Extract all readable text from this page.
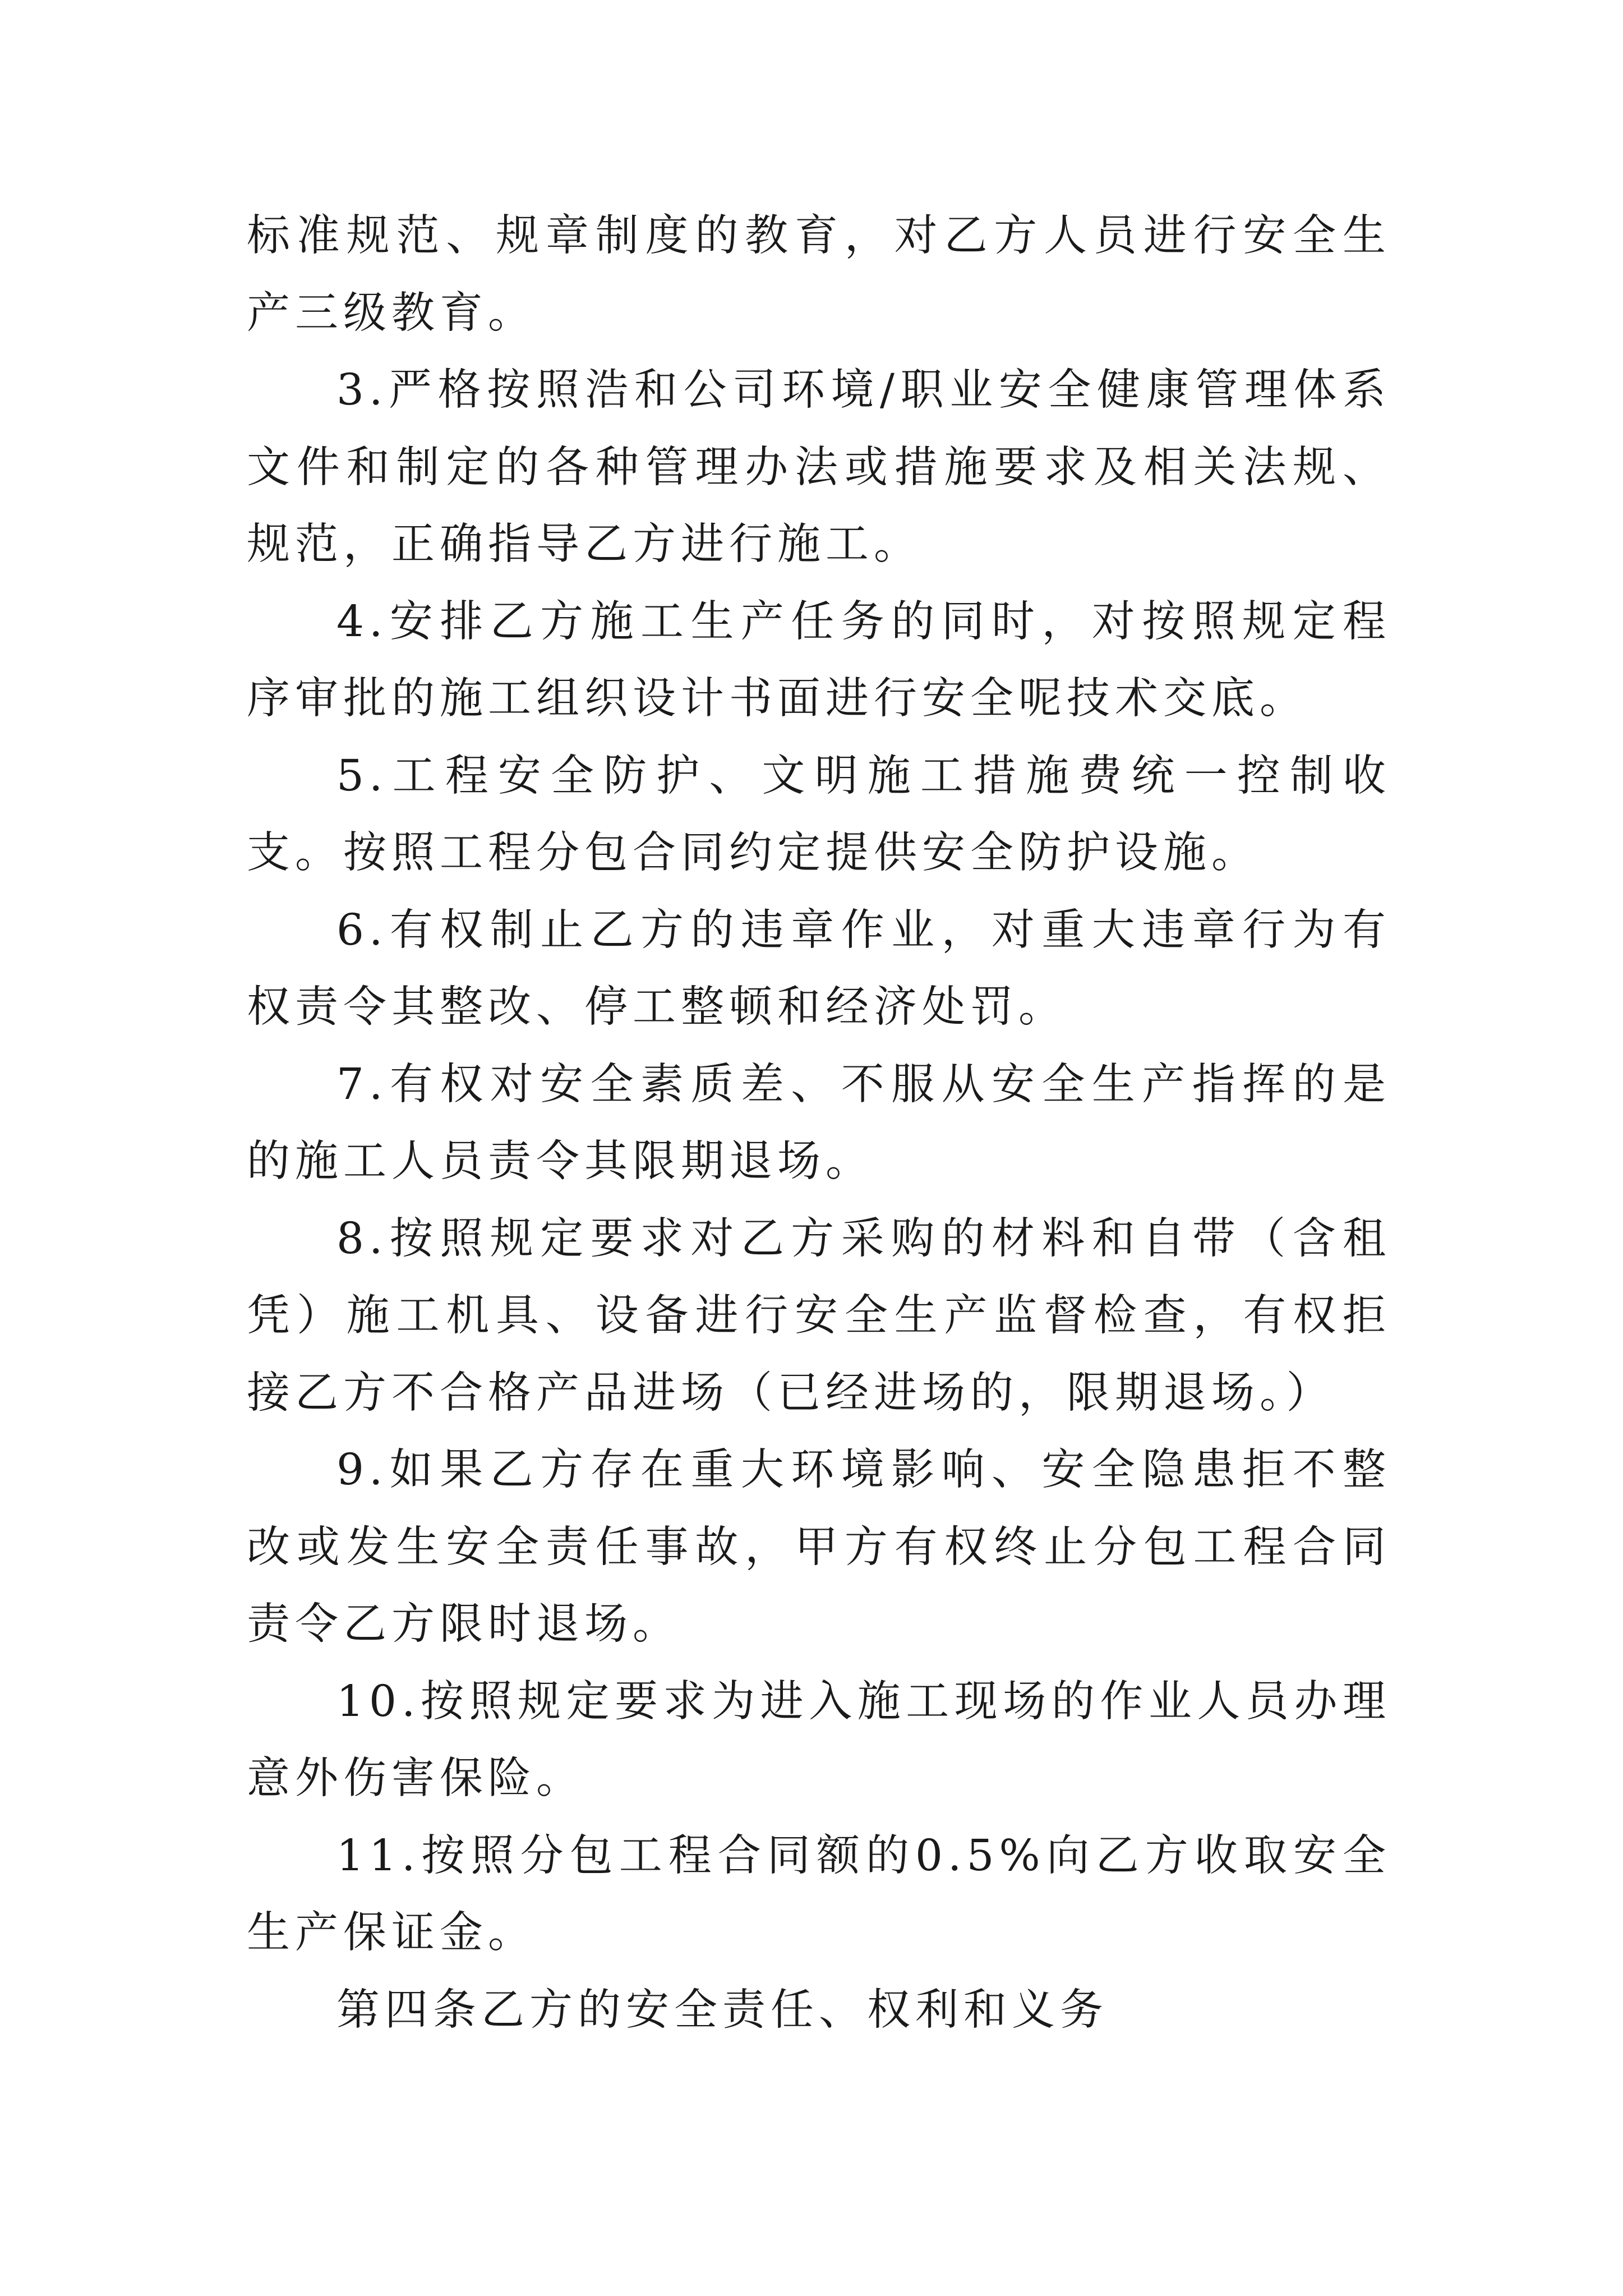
标准规范、规章制度的教育，对乙方人员进行安全生产三级教育。

3.严格按照浩和公司环境/职业安全健康管理体系文件和制定的各种管理办法或措施要求及相关法规、规范，正确指导乙方进行施工。

4.安排乙方施工生产任务的同时，对按照规定程序审批的施工组织设计书面进行安全呢技术交底。

5.工程安全防护、文明施工措施费统一控制收支。按照工程分包合同约定提供安全防护设施。

6.有权制止乙方的违章作业，对重大违章行为有权责令其整改、停工整顿和经济处罚。

7.有权对安全素质差、不服从安全生产指挥的是的施工人员责令其限期退场。

8.按照规定要求对乙方采购的材料和自带（含租凭）施工机具、设备进行安全生产监督检查，有权拒接乙方不合格产品进场（已经进场的，限期退场。）

9.如果乙方存在重大环境影响、安全隐患拒不整改或发生安全责任事故，甲方有权终止分包工程合同责令乙方限时退场。

10.按照规定要求为进入施工现场的作业人员办理意外伤害保险。

11.按照分包工程合同额的0.5%向乙方收取安全生产保证金。

第四条乙方的安全责任、权利和义务
